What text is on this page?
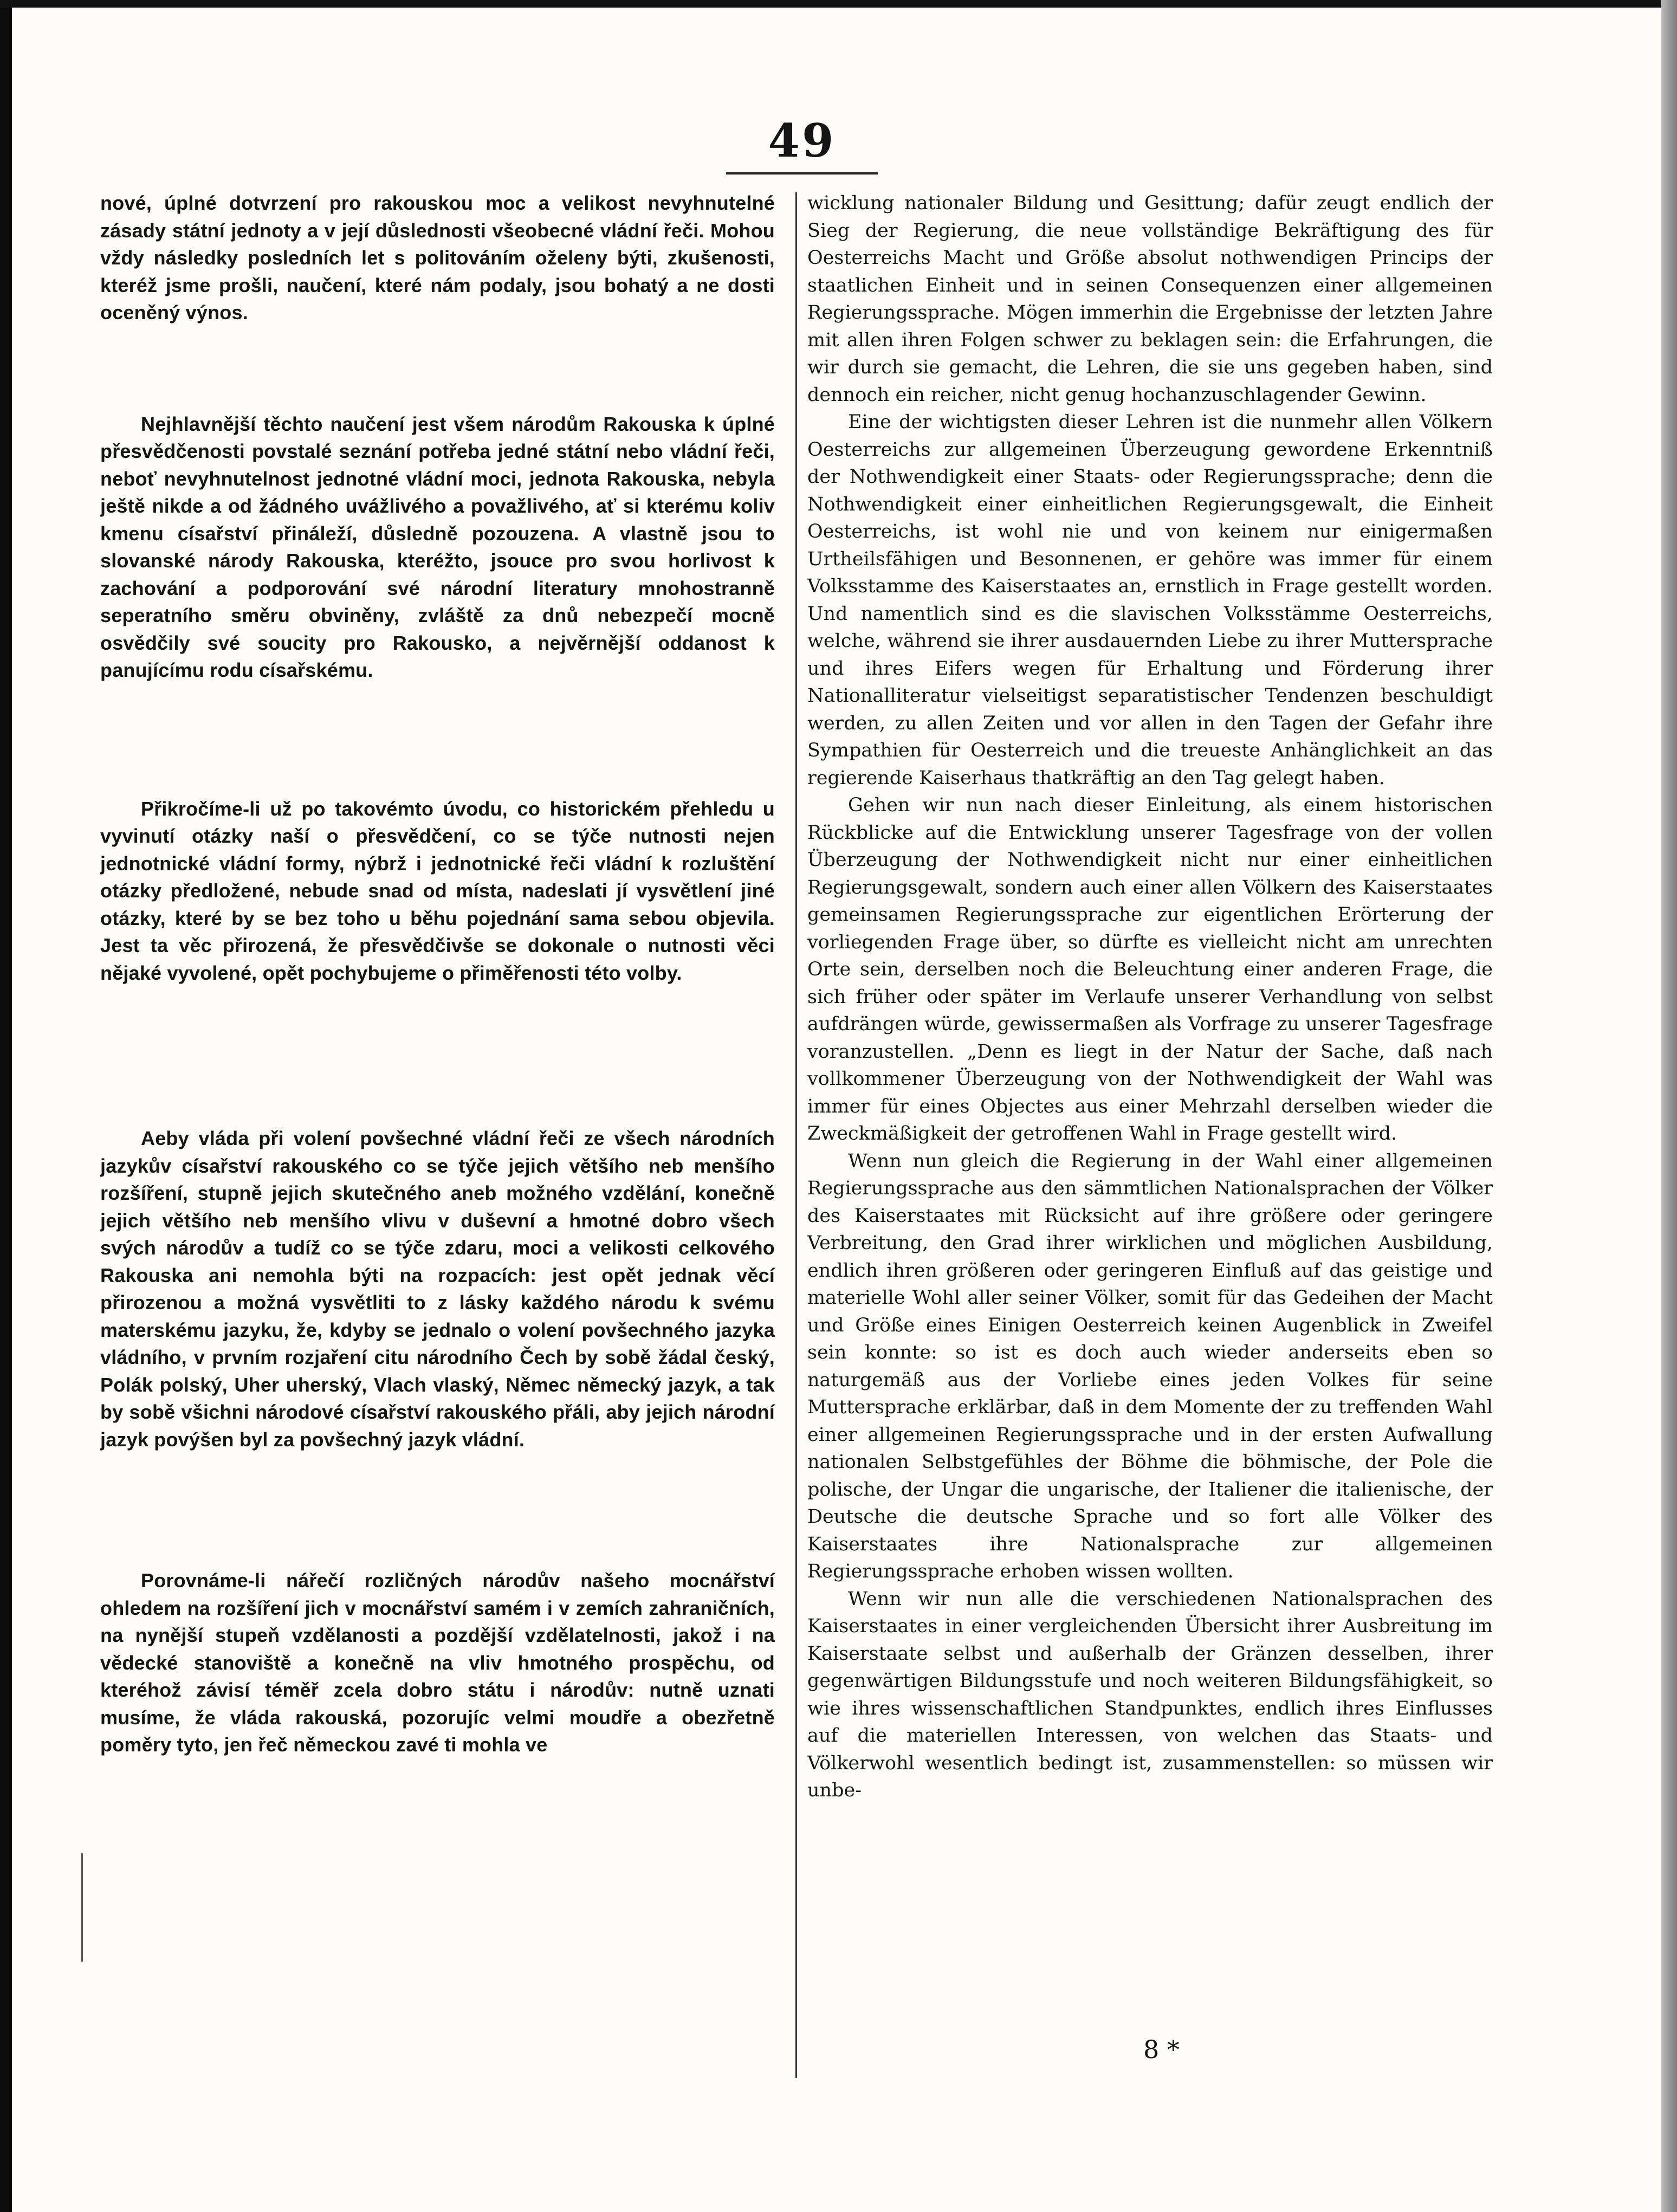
49

nové, úplné dotvrzení pro rakouskou moc a velikost nevyhnutelné zásady státní jednoty a v její důslednosti všeobecné vládní řeči. Mohou vždy následky posledních let s politováním oželeny býti, zkušenosti, kteréž jsme prošli, naučení, které nám podaly, jsou bohatý a ne dosti oceněný výnos.

Nejhlavnější těchto naučení jest všem národům Rakouska k úplné přesvědčenosti povstalé seznání potřeba jedné státní nebo vládní řeči, neboť nevyhnutelnost jednotné vládní moci, jednota Rakouska, nebyla ještě nikde a od žádného uvážlivého a považlivého, ať si kterému koliv kmenu císařství přináleží, důsledně pozouzena. A vlastně jsou to slovanské národy Rakouska, kteréžto, jsouce pro svou horlivost k zachování a podporování své národní literatury mnohostranně seperatního směru obviněny, zvláště za dnů nebezpečí mocně osvědčily své soucity pro Rakousko, a nejvěrnější oddanost k panujícímu rodu císařskému.

Přikročíme-li už po takovémto úvodu, co historickém přehledu u vyvinutí otázky naší o přesvědčení, co se týče nutnosti nejen jednotnické vládní formy, nýbrž i jednotnické řeči vládní k rozluštění otázky předložené, nebude snad od místa, nadeslati jí vysvětlení jiné otázky, které by se bez toho u běhu pojednání sama sebou objevila. Jest ta věc přirozená, že přesvědčivše se dokonale o nutnosti věci nějaké vyvolené, opět pochybujeme o přiměřenosti této volby.

Aeby vláda při volení povšechné vládní řeči ze všech národních jazykův císařství rakouského co se týče jejich většího neb menšího rozšíření, stupně jejich skutečného aneb možného vzdělání, konečně jejich většího neb menšího vlivu v duševní a hmotné dobro všech svých národův a tudíž co se týče zdaru, moci a velikosti celkového Rakouska ani nemohla býti na rozpacích: jest opět jednak věcí přirozenou a možná vysvětliti to z lásky každého národu k svému materskému jazyku, že, kdyby se jednalo o volení povšechného jazyka vládního, v prvním rozjaření citu národního Čech by sobě žádal český, Polák polský, Uher uherský, Vlach vlaský, Němec německý jazyk, a tak by sobě všichni národové císařství rakouského přáli, aby jejich národní jazyk povýšen byl za povšechný jazyk vládní.

Porovnáme-li nářečí rozličných národův našeho mocnářství ohledem na rozšíření jich v mocnářství samém i v zemích zahraničních, na nynější stupeň vzdělanosti a pozdější vzdělatelnosti, jakož i na vědecké stanoviště a konečně na vliv hmotného prospěchu, od kteréhož závisí téměř zcela dobro státu i národův: nutně uznati musíme, že vláda rakouská, pozorujíc velmi moudře a obezřetně poměry tyto, jen řeč německou zavé ti mohla ve

wicklung nationaler Bildung und Gesittung; dafür zeugt endlich der Sieg der Regierung, die neue vollständige Bekräftigung des für Oesterreichs Macht und Größe absolut nothwendigen Princips der staatlichen Einheit und in seinen Consequenzen einer allgemeinen Regierungssprache. Mögen immerhin die Ergebnisse der letzten Jahre mit allen ihren Folgen schwer zu beklagen sein: die Erfahrungen, die wir durch sie gemacht, die Lehren, die sie uns gegeben haben, sind dennoch ein reicher, nicht genug hochanzuschlagender Gewinn.

Eine der wichtigsten dieser Lehren ist die nunmehr allen Völkern Oesterreichs zur allgemeinen Überzeugung gewordene Erkenntniß der Nothwendigkeit einer Staats- oder Regierungssprache; denn die Nothwendigkeit einer einheitlichen Regierungsgewalt, die Einheit Oesterreichs, ist wohl nie und von keinem nur einigermaßen Urtheilsfähigen und Besonnenen, er gehöre was immer für einem Volksstamme des Kaiserstaates an, ernstlich in Frage gestellt worden. Und namentlich sind es die slavischen Volksstämme Oesterreichs, welche, während sie ihrer ausdauernden Liebe zu ihrer Muttersprache und ihres Eifers wegen für Erhaltung und Förderung ihrer Nationalliteratur vielseitigst separatistischer Tendenzen beschuldigt werden, zu allen Zeiten und vor allen in den Tagen der Gefahr ihre Sympathien für Oesterreich und die treueste Anhänglichkeit an das regierende Kaiserhaus thatkräftig an den Tag gelegt haben.

Gehen wir nun nach dieser Einleitung, als einem historischen Rückblicke auf die Entwicklung unserer Tagesfrage von der vollen Überzeugung der Nothwendigkeit nicht nur einer einheitlichen Regierungsgewalt, sondern auch einer allen Völkern des Kaiserstaates gemeinsamen Regierungssprache zur eigentlichen Erörterung der vorliegenden Frage über, so dürfte es vielleicht nicht am unrechten Orte sein, derselben noch die Beleuchtung einer anderen Frage, die sich früher oder später im Verlaufe unserer Verhandlung von selbst aufdrängen würde, gewissermaßen als Vorfrage zu unserer Tagesfrage voranzustellen. „Denn es liegt in der Natur der Sache, daß nach vollkommener Überzeugung von der Nothwendigkeit der Wahl was immer für eines Objectes aus einer Mehrzahl derselben wieder die Zweckmäßigkeit der getroffenen Wahl in Frage gestellt wird.

Wenn nun gleich die Regierung in der Wahl einer allgemeinen Regierungssprache aus den sämmtlichen Nationalsprachen der Völker des Kaiserstaates mit Rücksicht auf ihre größere oder geringere Verbreitung, den Grad ihrer wirklichen und möglichen Ausbildung, endlich ihren größeren oder geringeren Einfluß auf das geistige und materielle Wohl aller seiner Völker, somit für das Gedeihen der Macht und Größe eines Einigen Oesterreich keinen Augenblick in Zweifel sein konnte: so ist es doch auch wieder anderseits eben so naturgemäß aus der Vorliebe eines jeden Volkes für seine Muttersprache erklärbar, daß in dem Momente der zu treffenden Wahl einer allgemeinen Regierungssprache und in der ersten Aufwallung nationalen Selbstgefühles der Böhme die böhmische, der Pole die polische, der Ungar die ungarische, der Italiener die italienische, der Deutsche die deutsche Sprache und so fort alle Völker des Kaiserstaates ihre Nationalsprache zur allgemeinen Regierungssprache erhoben wissen wollten.

Wenn wir nun alle die verschiedenen Nationalsprachen des Kaiserstaates in einer vergleichenden Übersicht ihrer Ausbreitung im Kaiserstaate selbst und außerhalb der Gränzen desselben, ihrer gegenwärtigen Bildungsstufe und noch weiteren Bildungsfähigkeit, so wie ihres wissenschaftlichen Standpunktes, endlich ihres Einflusses auf die materiellen Interessen, von welchen das Staats- und Völkerwohl wesentlich bedingt ist, zusammenstellen: so müssen wir unbe-

8 *
